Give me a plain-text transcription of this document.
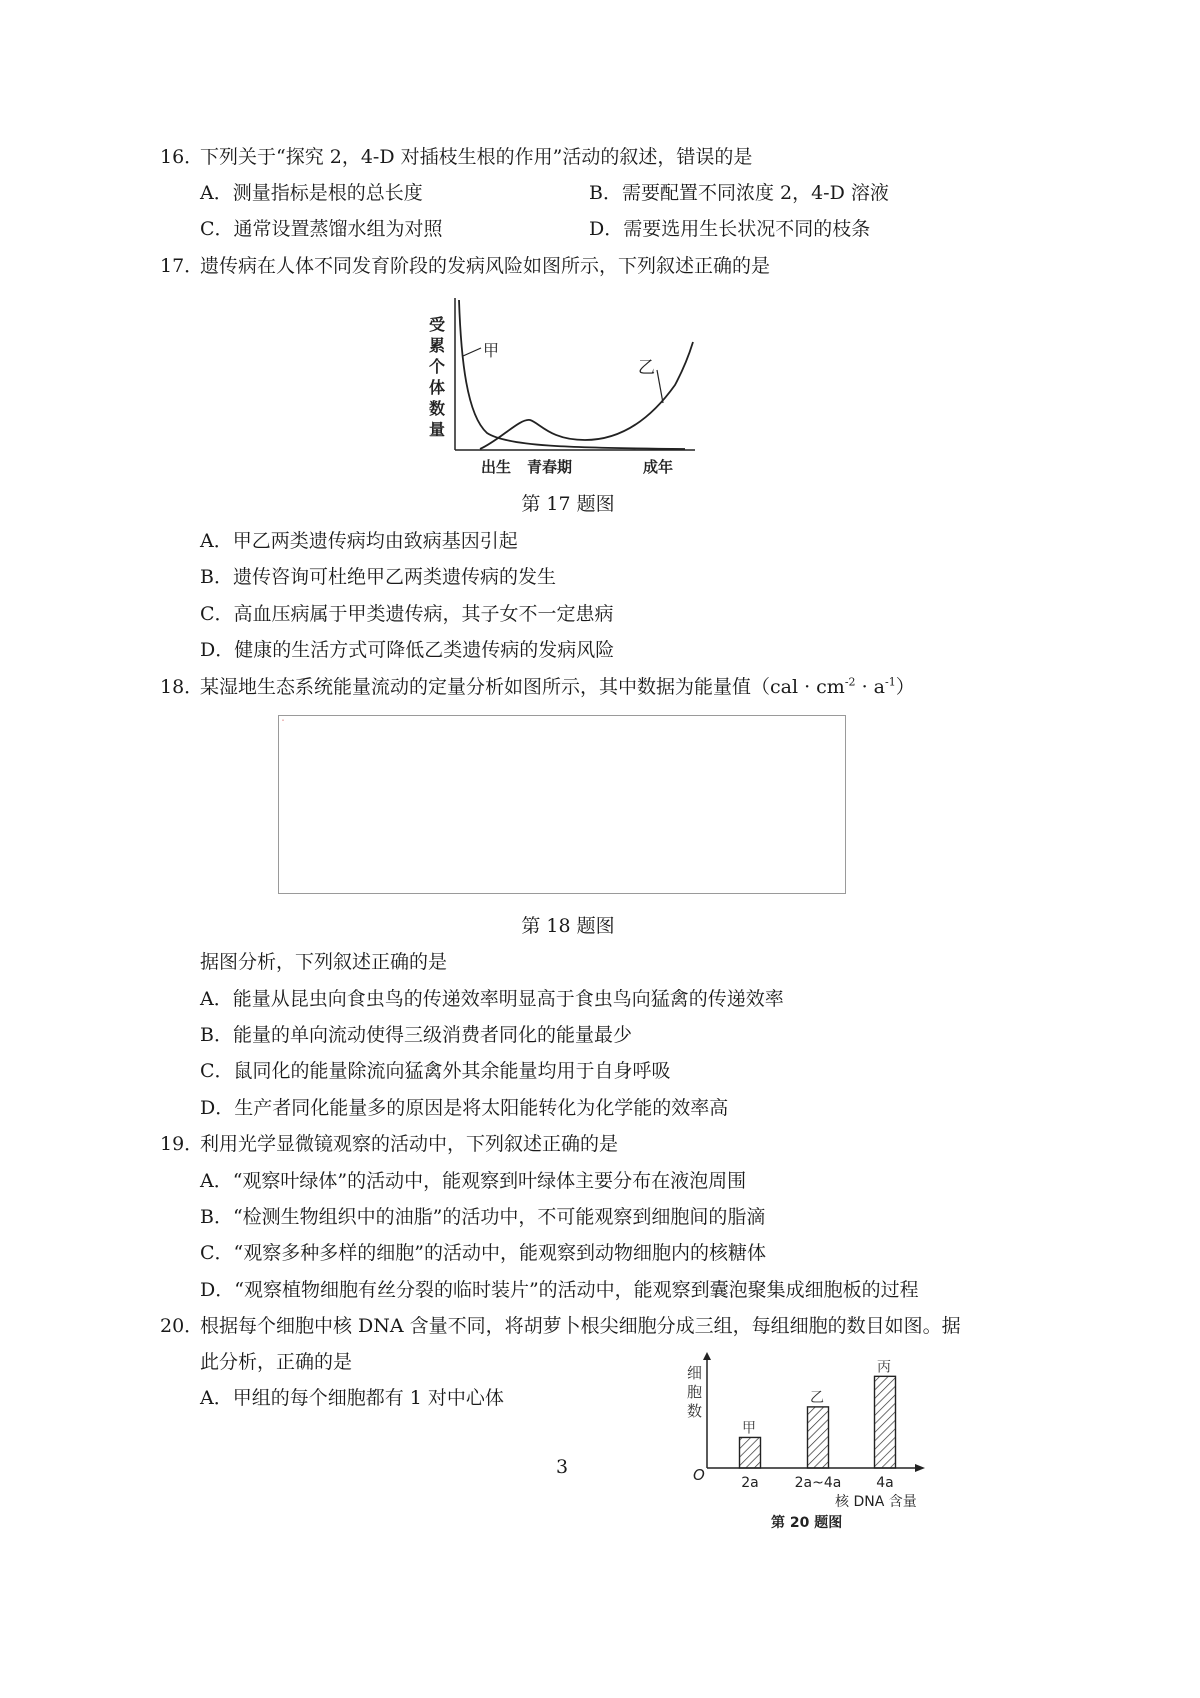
16．
下列关于“探究 2，4-D 对插枝生根的作用”活动的叙述，错误的是
A．测量指标是根的总长度	B．需要配置不同浓度 2，4-D 溶液
C．通常设置蒸馏水组为对照	D．需要选用生长状况不同的枝条
17．
遗传病在人体不同发育阶段的发病风险如图所示，下列叙述正确的是
受
累
个
体
数
量
甲
乙
出生 青春期	成年
第 17 题图
A．甲乙两类遗传病均由致病基因引起
B．遗传咨询可杜绝甲乙两类遗传病的发生
C．高血压病属于甲类遗传病，其子女不一定患病
D．健康的生活方式可降低乙类遗传病的发病风险
18．
某湿地生态系统能量流动的定量分析如图所示，其中数据为能量值$(cal \cdot cm^{-2} \cdot a^{-1})$
▫
第 18 题图
据图分析，下列叙述正确的是
A．能量从昆虫向食虫鸟的传递效率明显高于食虫鸟向猛禽的传递效率
B．能量的单向流动使得三级消费者同化的能量最少
C．鼠同化的能量除流向猛禽外其余能量均用于自身呼吸
D．生产者同化能量多的原因是将太阳能转化为化学能的效率高
19．
利用光学显微镜观察的活动中，下列叙述正确的是
A．“观察叶绿体”的活动中，能观察到叶绿体主要分布在液泡周围
B．“检测生物组织中的油脂”的活功中，不可能观察到细胞间的脂滴
C．“观察多种多样的细胞”的活动中，能观察到动物细胞内的核糖体
D．“观察植物细胞有丝分裂的临时装片”的活动中，能观察到囊泡聚集成细胞板的过程
20．
根据每个细胞中核 DNA 含量不同，将胡萝卜根尖细胞分成三组，每组细胞的数目如图。据
此分析，正确的是
A．甲组的每个细胞都有 1 对中心体
细
胞
数
O
甲
2a
乙
2a~4a
丙
4a
核 DNA 含量
第 20 题图
3
